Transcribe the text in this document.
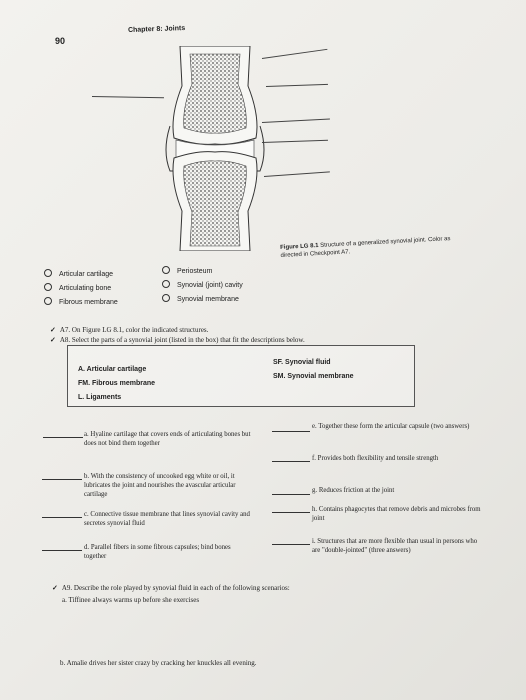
90
Chapter 8: Joints
Figure LG 8.1 Structure of a generalized synovial joint. Color as directed in Checkpoint A7.
Articular cartilage
Articulating bone
Fibrous membrane
Periosteum
Synovial (joint) cavity
Synovial membrane
✓ A7. On Figure LG 8.1, color the indicated structures.
✓ A8. Select the parts of a synovial joint (listed in the box) that fit the descriptions below.
A. Articular cartilage
FM. Fibrous membrane
L. Ligaments
SF. Synovial fluid
SM. Synovial membrane
a. Hyaline cartilage that covers ends of articulating bones but does not bind them together
b. With the consistency of uncooked egg white or oil, it lubricates the joint and nourishes the avascular articular cartilage
c. Connective tissue membrane that lines synovial cavity and secretes synovial fluid
d. Parallel fibers in some fibrous capsules; bind bones together
e. Together these form the articular capsule (two answers)
f. Provides both flexibility and tensile strength
g. Reduces friction at the joint
h. Contains phagocytes that remove debris and microbes from joint
i. Structures that are more flexible than usual in persons who are "double-jointed" (three answers)
✓ A9. Describe the role played by synovial fluid in each of the following scenarios:
a. Tiffinee always warms up before she exercises
b. Amalie drives her sister crazy by cracking her knuckles all evening.
